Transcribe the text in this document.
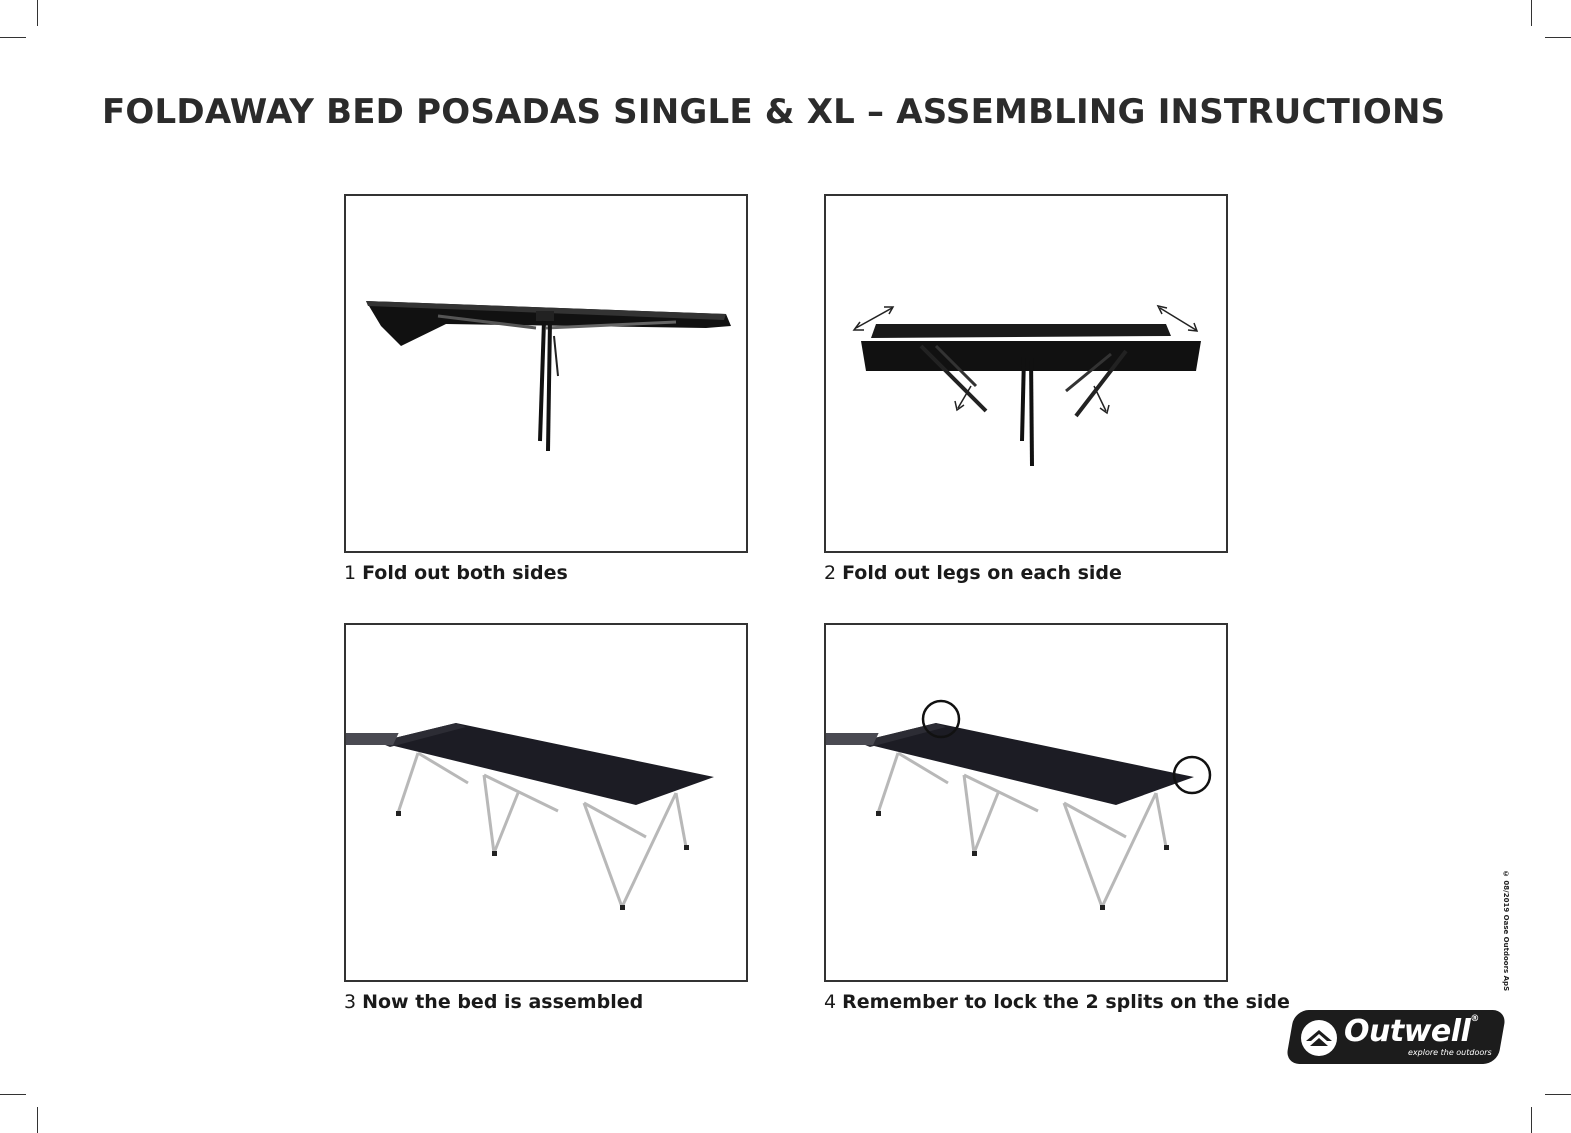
FOLDAWAY BED POSADAS SINGLE & XL – ASSEMBLING INSTRUCTIONS
1 Fold out both sides	2 Fold out legs on each side
3 Now the bed is assembled	4 Remember to lock the 2 splits on the side
© 08/2019 Oase Outdoors ApS
Outwell®
explore the outdoors
